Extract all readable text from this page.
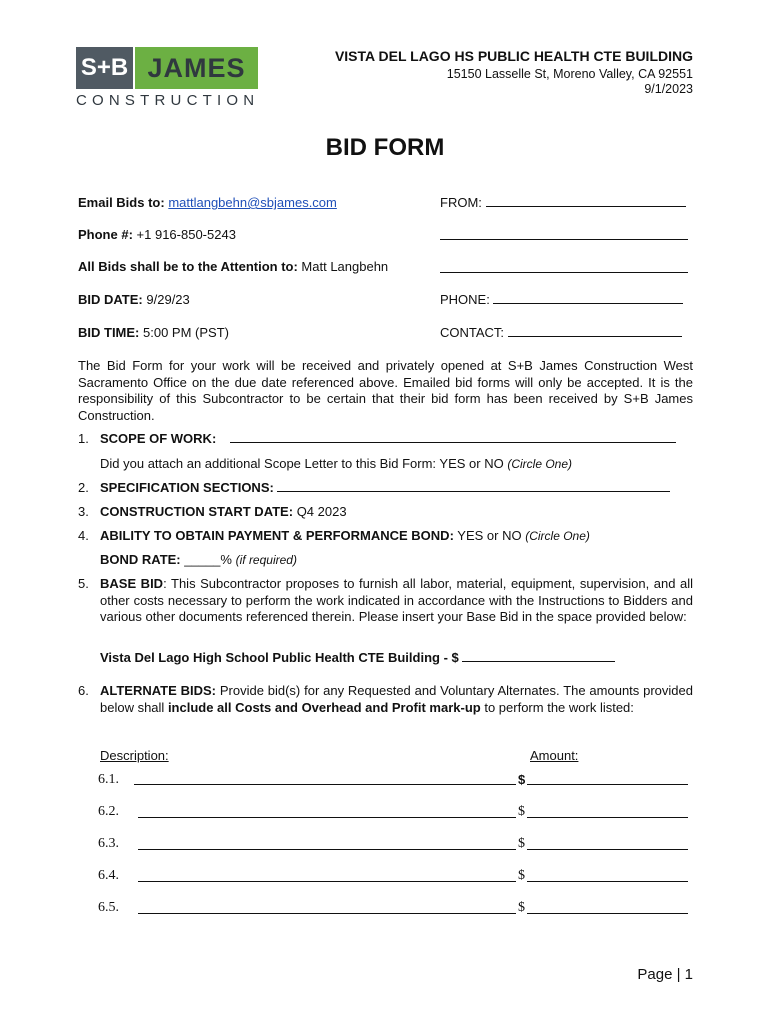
S+B JAMES
CONSTRUCTION
VISTA DEL LAGO HS PUBLIC HEALTH CTE BUILDING
15150 Lasselle St, Moreno Valley, CA 92551
9/1/2023
BID FORM
Email Bids to: mattlangbehn@sbjames.com
Phone #: +1 916-850-5243
All Bids shall be to the Attention to: Matt Langbehn
BID DATE: 9/29/23
BID TIME: 5:00 PM (PST)
FROM:
PHONE:
CONTACT:
The Bid Form for your work will be received and privately opened at S+B James Construction West Sacramento Office on the due date referenced above. Emailed bid forms will only be accepted. It is the responsibility of this Subcontractor to be certain that their bid form has been received by S+B James Construction.
1. SCOPE OF WORK:
Did you attach an additional Scope Letter to this Bid Form: YES or NO (Circle One)
2. SPECIFICATION SECTIONS:
3. CONSTRUCTION START DATE: Q4 2023
4. ABILITY TO OBTAIN PAYMENT & PERFORMANCE BOND: YES or NO (Circle One)
BOND RATE: _____% (if required)
5. BASE BID: This Subcontractor proposes to furnish all labor, material, equipment, supervision, and all other costs necessary to perform the work indicated in accordance with the Instructions to Bidders and various other documents referenced therein. Please insert your Base Bid in the space provided below:
Vista Del Lago High School Public Health CTE Building - $
6. ALTERNATE BIDS: Provide bid(s) for any Requested and Voluntary Alternates. The amounts provided below shall include all Costs and Overhead and Profit mark-up to perform the work listed:
Description:	Amount:
6.1.	$
6.2.	$
6.3.	$
6.4.	$
6.5.	$
Page | 1
